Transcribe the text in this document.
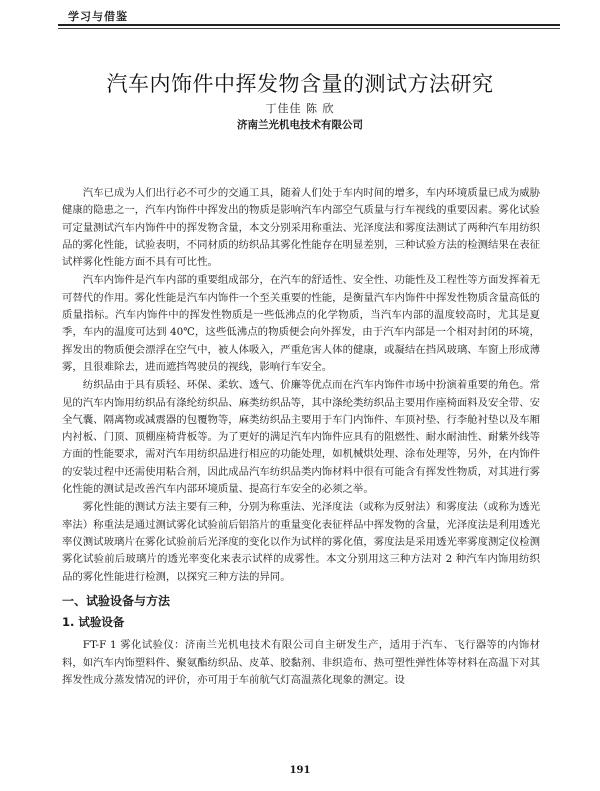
学习与借鉴
汽车内饰件中挥发物含量的测试方法研究
丁佳佳 陈 欣
济南兰光机电技术有限公司

汽车已成为人们出行必不可少的交通工具，随着人们处于车内时间的增多，车内环境质量已成为威胁健康的隐患之一，汽车内饰件中挥发出的物质是影响汽车内部空气质量与行车视线的重要因素。雾化试验可定量测试汽车内饰件中的挥发物含量，本文分别采用称重法、光泽度法和雾度法测试了两种汽车用纺织品的雾化性能，试验表明，不同材质的纺织品其雾化性能存在明显差别，三种试验方法的检测结果在表征试样雾化性能方面不具有可比性。

汽车内饰件是汽车内部的重要组成部分，在汽车的舒适性、安全性、功能性及工程性等方面发挥着无可替代的作用。雾化性能是汽车内饰件一个至关重要的性能，是衡量汽车内饰件中挥发性物质含量高低的质量指标。汽车内饰件中的挥发性物质是一些低沸点的化学物质，当汽车内部的温度较高时，尤其是夏季，车内的温度可达到 40℃，这些低沸点的物质便会向外挥发，由于汽车内部是一个相对封闭的环境，挥发出的物质便会漂浮在空气中，被人体吸入，严重危害人体的健康，或凝结在挡风玻璃、车窗上形成薄雾，且很难除去，进而遮挡驾驶员的视线，影响行车安全。

纺织品由于具有质轻、环保、柔软、透气、价廉等优点而在汽车内饰件市场中扮演着重要的角色。常见的汽车内饰用纺织品有涤纶纺织品、麻类纺织品等，其中涤纶类纺织品主要用作座椅面料及安全带、安全气囊、隔离物或减震器的包覆物等，麻类纺织品主要用于车门内饰件、车顶衬垫、行李舱衬垫以及车厢内衬板、门顶、顶棚座椅背板等。为了更好的满足汽车内饰件应具有的阻燃性、耐水耐油性、耐紫外线等方面的性能要求，需对汽车用纺织品进行相应的功能处理，如机械烘处理、涂布处理等，另外，在内饰件的安装过程中还需使用粘合剂，因此成品汽车纺织品类内饰材料中很有可能含有挥发性物质，对其进行雾化性能的测试是改善汽车内部环境质量、提高行车安全的必须之举。

雾化性能的测试方法主要有三种，分别为称重法、光泽度法（或称为反射法）和雾度法（或称为透光率法）称重法是通过测试雾化试验前后铝箔片的重量变化表征样品中挥发物的含量，光泽度法是利用透光率仪测试玻璃片在雾化试验前后光泽度的变化以作为试样的雾化值，雾度法是采用透光率雾度测定仪检测雾化试验前后玻璃片的透光率变化来表示试样的成雾性。本文分别用这三种方法对 2 种汽车内饰用纺织品的雾化性能进行检测，以探究三种方法的异同。

一、试验设备与方法
1. 试验设备

FT-F 1 雾化试验仪：济南兰光机电技术有限公司自主研发生产，适用于汽车、飞行器等的内饰材料，如汽车内饰塑料件、聚氨酯纺织品、皮革、胶黏剂、非织造布、热可塑性弹性体等材料在高温下对其挥发性成分蒸发情况的评价，亦可用于车前航气灯高温蒸化现象的测定。设

191
